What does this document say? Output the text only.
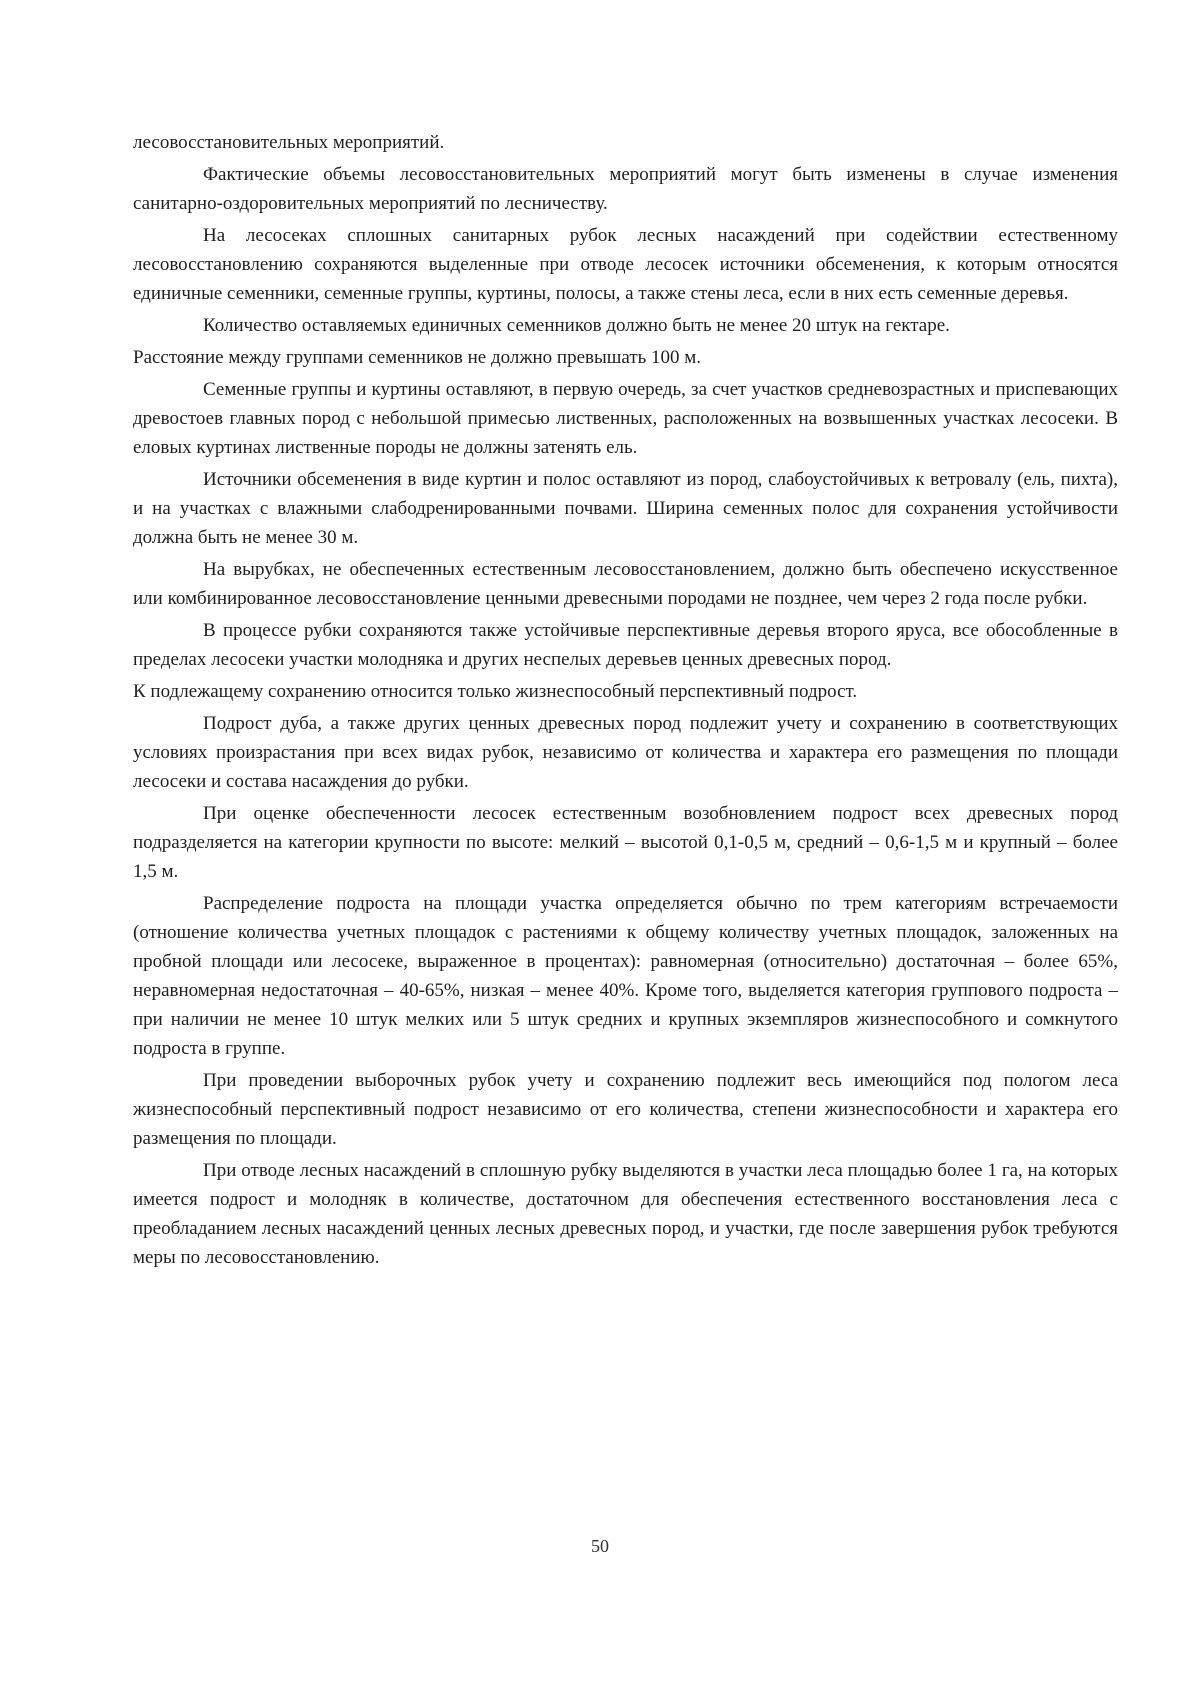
лесовосстановительных мероприятий.

Фактические объемы лесовосстановительных мероприятий могут быть изменены в случае изменения санитарно-оздоровительных мероприятий по лесничеству.

На лесосеках сплошных санитарных рубок лесных насаждений при содействии естественному лесовосстановлению сохраняются выделенные при отводе лесосек источники обсеменения, к которым относятся единичные семенники, семенные группы, куртины, полосы, а также стены леса, если в них есть семенные деревья.

Количество оставляемых единичных семенников должно быть не менее 20 штук на гектаре.

Расстояние между группами семенников не должно превышать 100 м.

Семенные группы и куртины оставляют, в первую очередь, за счет участков средневозрастных и приспевающих древостоев главных пород с небольшой примесью лиственных, расположенных на возвышенных участках лесосеки. В еловых куртинах лиственные породы не должны затенять ель.

Источники обсеменения в виде куртин и полос оставляют из пород, слабоустойчивых к ветровалу (ель, пихта), и на участках с влажными слабодренированными почвами. Ширина семенных полос для сохранения устойчивости должна быть не менее 30 м.

На вырубках, не обеспеченных естественным лесовосстановлением, должно быть обеспечено искусственное или комбинированное лесовосстановление ценными древесными породами не позднее, чем через 2 года после рубки.

В процессе рубки сохраняются также устойчивые перспективные деревья второго яруса, все обособленные в пределах лесосеки участки молодняка и других неспелых деревьев ценных древесных пород.

К подлежащему сохранению относится только жизнеспособный перспективный подрост.

Подрост дуба, а также других ценных древесных пород подлежит учету и сохранению в соответствующих условиях произрастания при всех видах рубок, независимо от количества и характера его размещения по площади лесосеки и состава насаждения до рубки.

При оценке обеспеченности лесосек естественным возобновлением подрост всех древесных пород подразделяется на категории крупности по высоте: мелкий – высотой 0,1-0,5 м, средний – 0,6-1,5 м и крупный – более 1,5 м.

Распределение подроста на площади участка определяется обычно по трем категориям встречаемости (отношение количества учетных площадок с растениями к общему количеству учетных площадок, заложенных на пробной площади или лесосеке, выраженное в процентах): равномерная (относительно) достаточная – более 65%, неравномерная недостаточная – 40-65%, низкая – менее 40%. Кроме того, выделяется категория группового подроста – при наличии не менее 10 штук мелких или 5 штук средних и крупных экземпляров жизнеспособного и сомкнутого подроста в группе.

При проведении выборочных рубок учету и сохранению подлежит весь имеющийся под пологом леса жизнеспособный перспективный подрост независимо от его количества, степени жизнеспособности и характера его размещения по площади.

При отводе лесных насаждений в сплошную рубку выделяются в участки леса площадью более 1 га, на которых имеется подрост и молодняк в количестве, достаточном для обеспечения естественного восстановления леса с преобладанием лесных насаждений ценных лесных древесных пород, и участки, где после завершения рубок требуются меры по лесовосстановлению.

50
